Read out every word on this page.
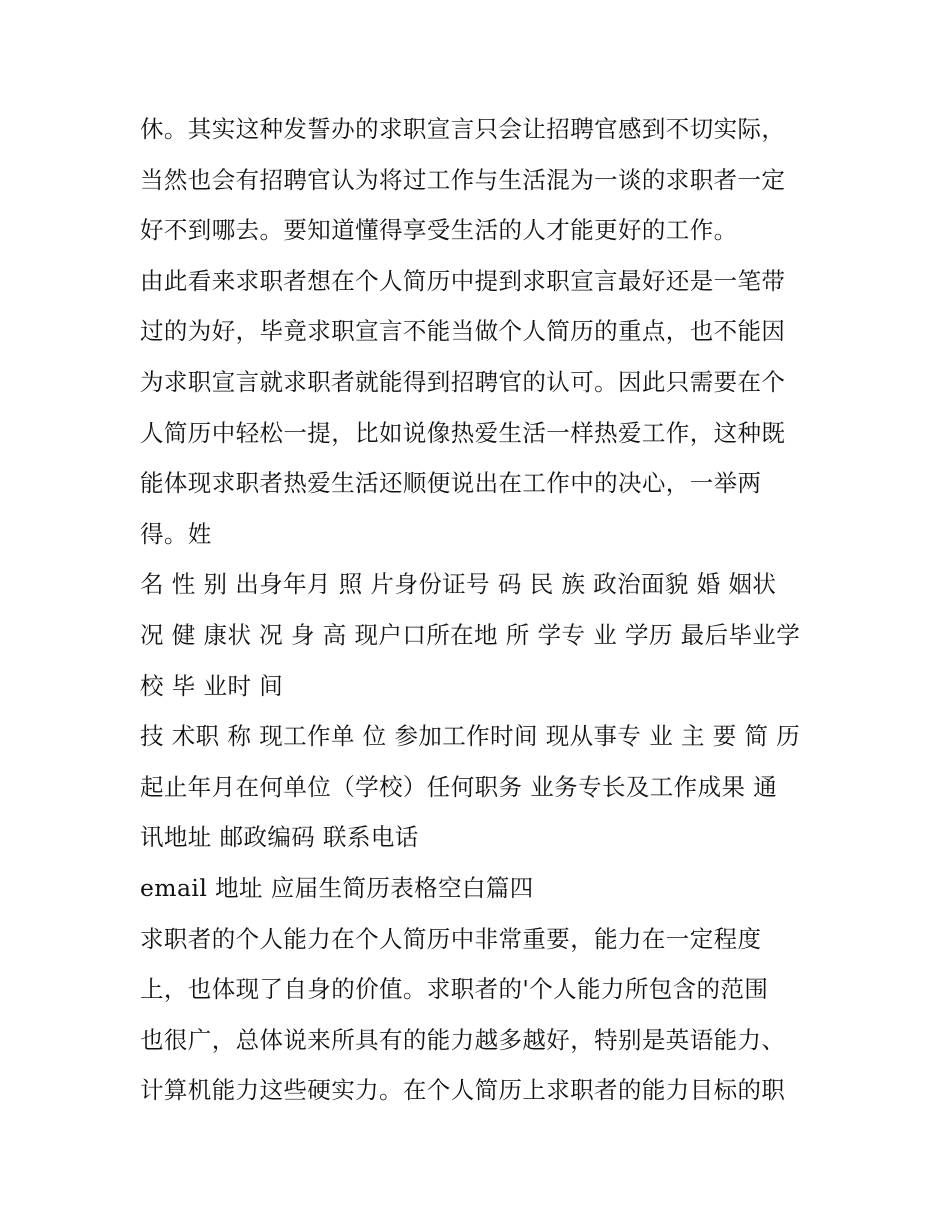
休。其实这种发誓办的求职宣言只会让招聘官感到不切实际，
当然也会有招聘官认为将过工作与生活混为一谈的求职者一定
好不到哪去。要知道懂得享受生活的人才能更好的工作。
由此看来求职者想在个人简历中提到求职宣言最好还是一笔带
过的为好，毕竟求职宣言不能当做个人简历的重点，也不能因
为求职宣言就求职者就能得到招聘官的认可。因此只需要在个
人简历中轻松一提，比如说像热爱生活一样热爱工作，这种既
能体现求职者热爱生活还顺便说出在工作中的决心，一举两
得。姓
名 性 别 出身年月 照 片身份证号 码 民 族 政治面貌 婚 姻状
况 健 康状 况 身 高 现户口所在地 所 学专 业 学历 最后毕业学
校 毕 业时 间
技 术职 称 现工作单 位 参加工作时间 现从事专 业 主 要 简 历
起止年月在何单位（学校）任何职务 业务专长及工作成果 通
讯地址 邮政编码 联系电话
email 地址 应届生简历表格空白篇四
求职者的个人能力在个人简历中非常重要，能力在一定程度
上，也体现了自身的价值。求职者的'个人能力所包含的范围
也很广，总体说来所具有的能力越多越好，特别是英语能力、
计算机能力这些硬实力。在个人简历上求职者的能力目标的职
